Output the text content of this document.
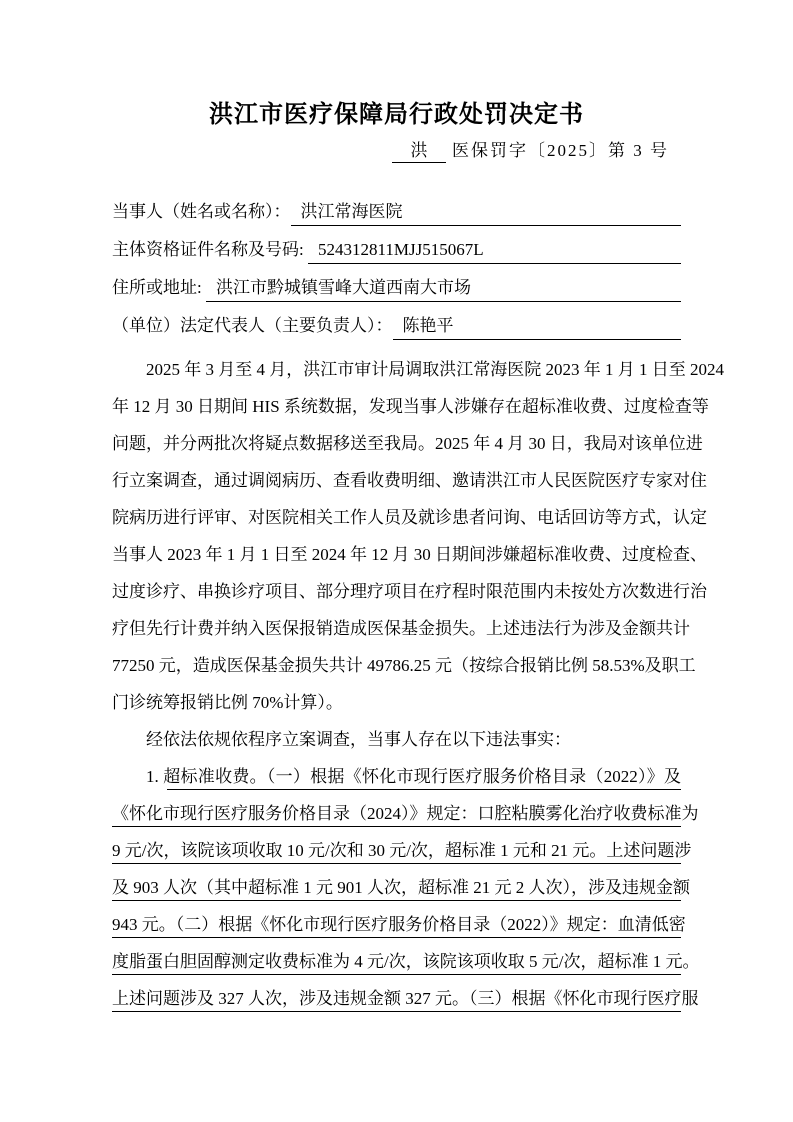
洪江市医疗保障局行政处罚决定书
洪 医保罚字〔2025〕第 3 号
当事人（姓名或名称）： 洪江常海医院
主体资格证件名称及号码: 524312811MJJ515067L
住所或地址: 洪江市黔城镇雪峰大道西南大市场
（单位）法定代表人（主要负责人）： 陈艳平
2025 年 3 月至 4 月，洪江市审计局调取洪江常海医院 2023 年 1 月 1 日至 2024
年 12 月 30 日期间 HIS 系统数据，发现当事人涉嫌存在超标准收费、过度检查等
问题，并分两批次将疑点数据移送至我局。2025 年 4 月 30 日，我局对该单位进
行立案调查，通过调阅病历、查看收费明细、邀请洪江市人民医院医疗专家对住
院病历进行评审、对医院相关工作人员及就诊患者问询、电话回访等方式，认定
当事人 2023 年 1 月 1 日至 2024 年 12 月 30 日期间涉嫌超标准收费、过度检查、
过度诊疗、串换诊疗项目、部分理疗项目在疗程时限范围内未按处方次数进行治
疗但先行计费并纳入医保报销造成医保基金损失。上述违法行为涉及金额共计
77250 元，造成医保基金损失共计 49786.25 元（按综合报销比例 58.53%及职工
门诊统筹报销比例 70%计算）。
经依法依规依程序立案调查，当事人存在以下违法事实：
1. 超标准收费。（一）根据《怀化市现行医疗服务价格目录（2022）》及
《怀化市现行医疗服务价格目录（2024）》规定：口腔粘膜雾化治疗收费标准为
9 元/次，该院该项收取 10 元/次和 30 元/次，超标准 1 元和 21 元。上述问题涉
及 903 人次（其中超标准 1 元 901 人次，超标准 21 元 2 人次），涉及违规金额
943 元。（二）根据《怀化市现行医疗服务价格目录（2022）》规定：血清低密
度脂蛋白胆固醇测定收费标准为 4 元/次，该院该项收取 5 元/次，超标准 1 元。
上述问题涉及 327 人次，涉及违规金额 327 元。（三）根据《怀化市现行医疗服
